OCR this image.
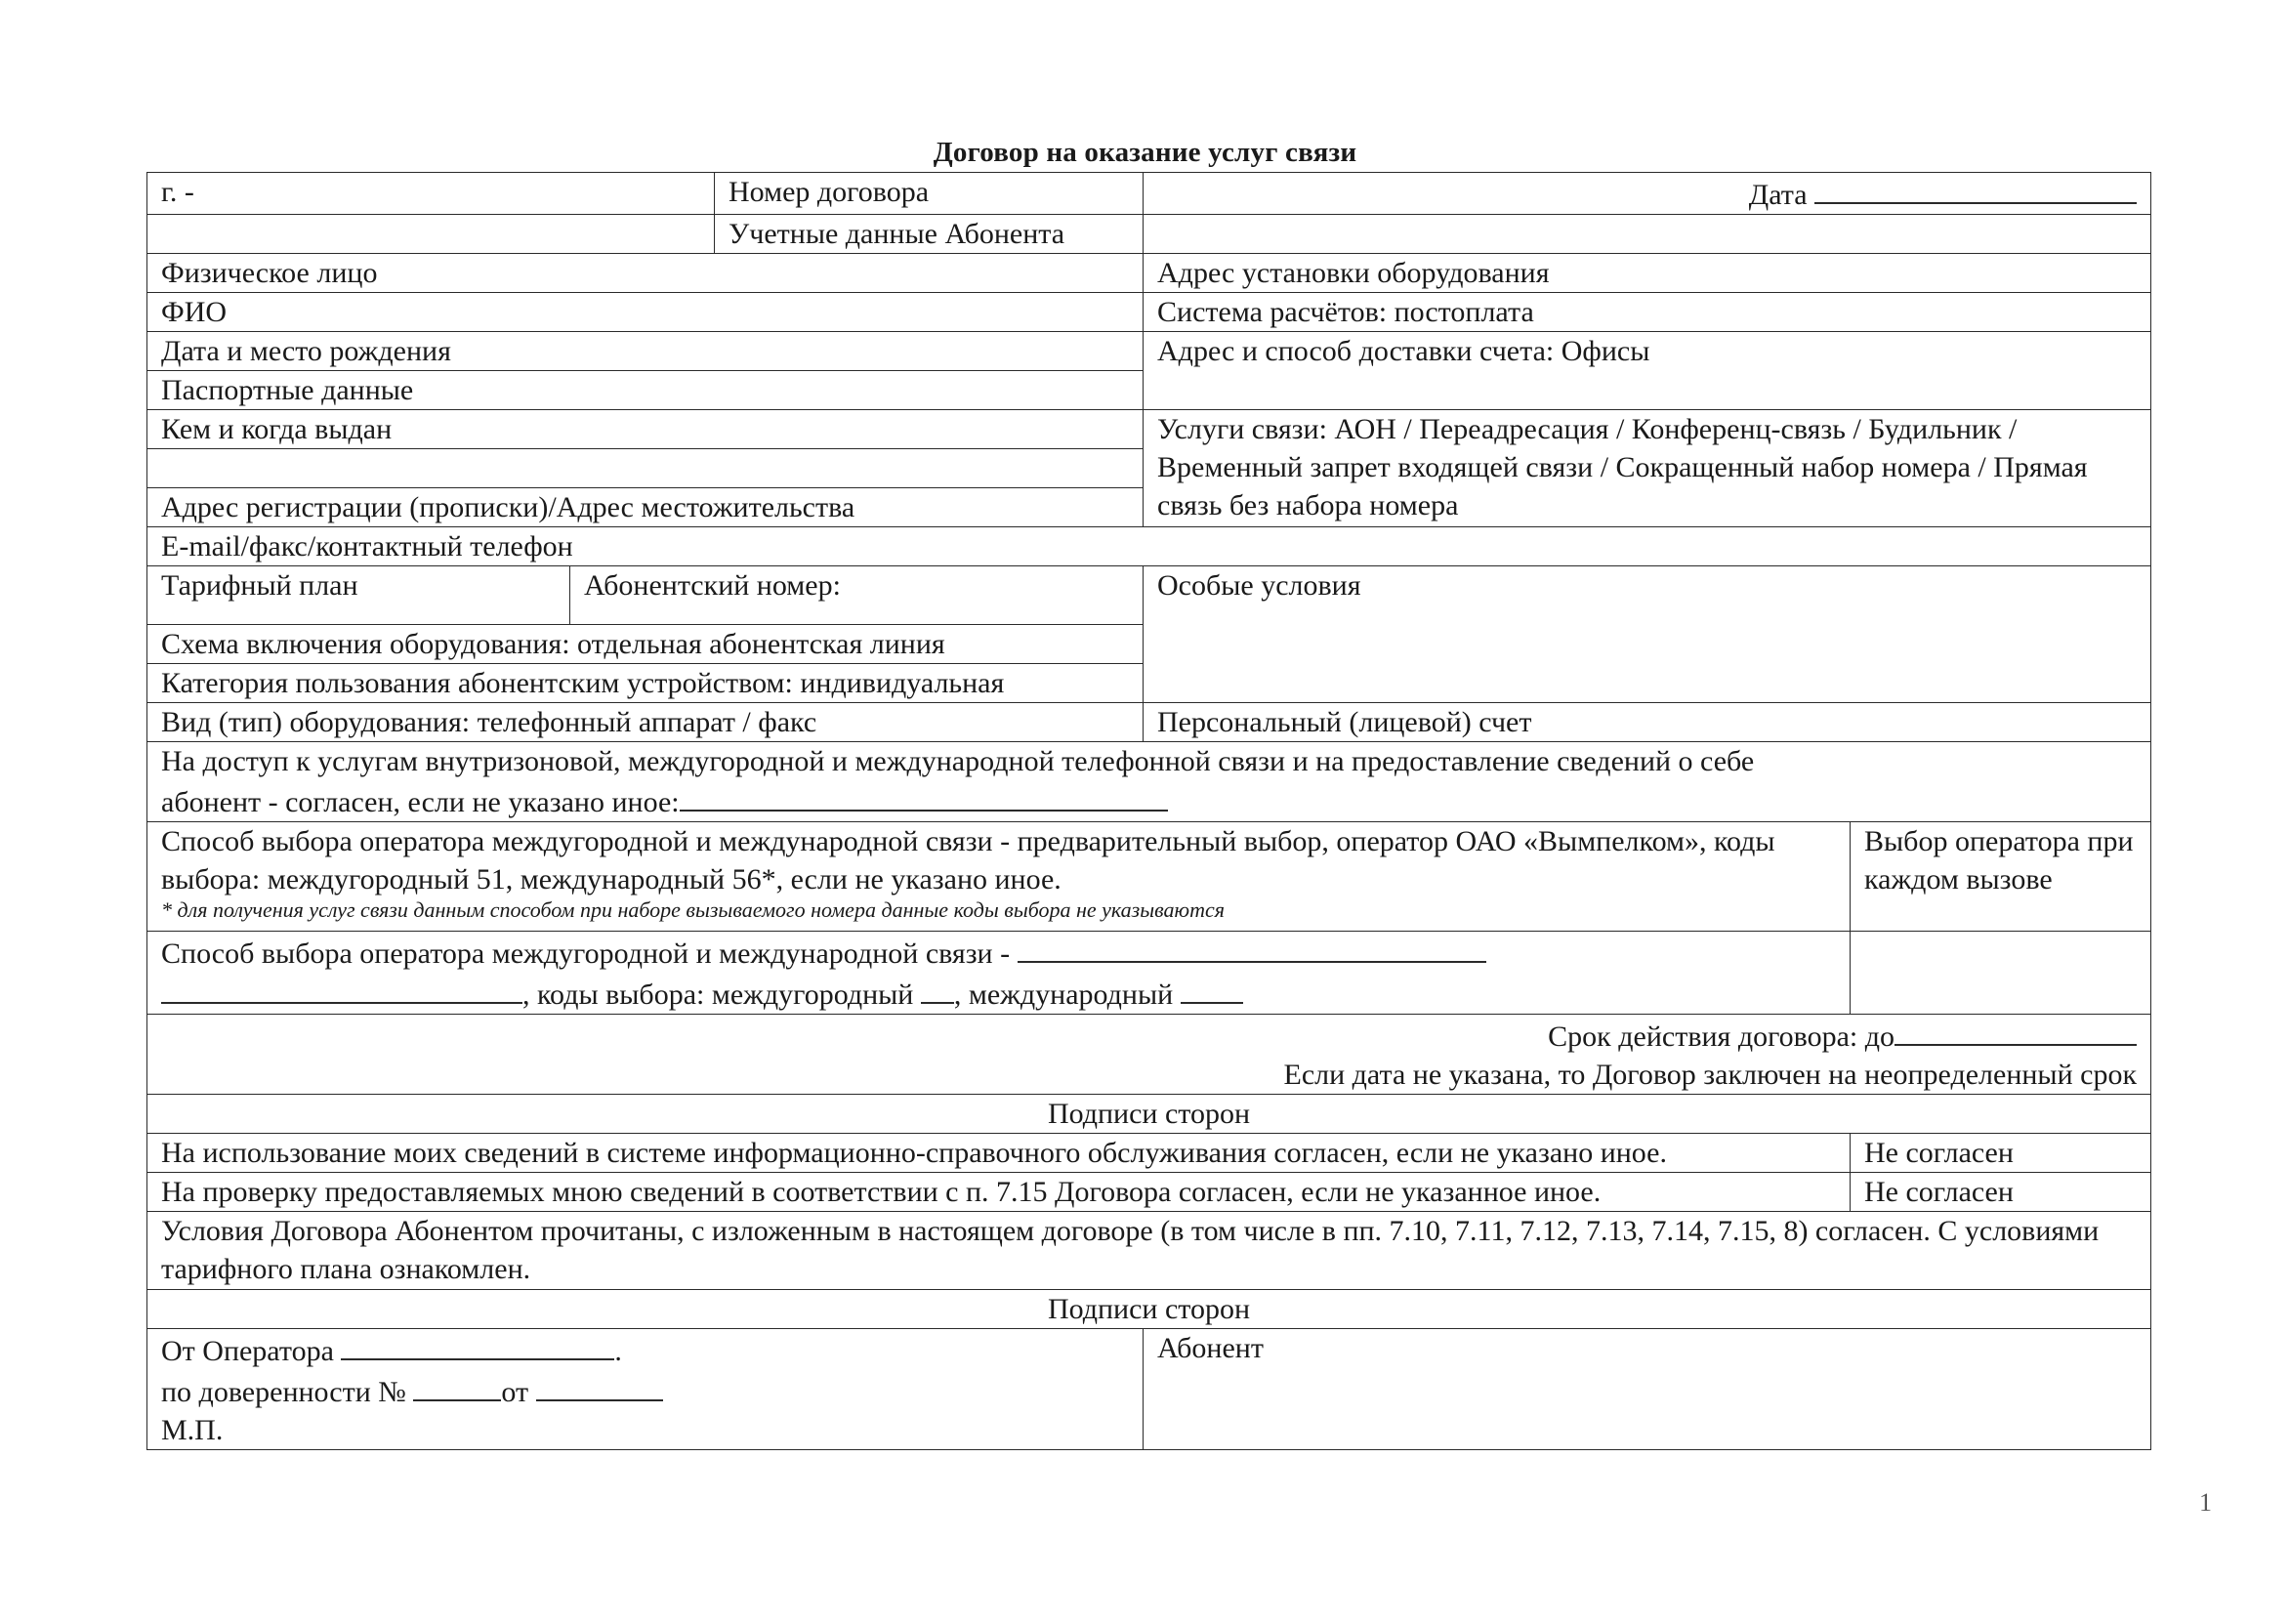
Договор на оказание услуг связи
г. -		Номер договора	Дата	
		Учетные данные Абонента		
Физическое лицо			Адрес установки оборудования	
ФИО			Система расчётов: постоплата	
Дата и место рождения			Адрес и способ доставки счета: Офисы	
Паспортные данные				
Кем и когда выдан			Услуги связи: АОН / Переадресация / Конференц-связь / Будильник / Временный запрет входящей связи / Сокращенный набор номера / Прямая связь без набора номера	

Адрес регистрации (прописки)/Адрес местожительства				
E-mail/факс/контактный телефон				
Тарифный план	Абонентский номер:		Особые условия	
Схема включения оборудования: отдельная абонентская линия				
Категория пользования абонентским устройством: индивидуальная				
Вид (тип) оборудования: телефонный аппарат / факс			Персональный (лицевой) счет	

На доступ к услугам внутризоновой, междугородной и международной телефонной связи и на предоставление сведений о себе
абонент - согласен, если не указано иное:				

Способ выбора оператора междугородной и международной связи - предварительный выбор, оператор ОАО «Вымпелком», коды выбора: междугородный 51, международный 56*, если не указано иное.
* для получения услуг связи данным способом при наборе вызываемого номера данные коды выбора не указываются				Выбор оператора при каждом вызове

Способ выбора оператора междугородной и международной связи -
, коды выбора: междугородный , международный				

Срок действия договора: до
Если дата не указана, то Договор заключен на неопределенный срок				

Подписи сторон				
На использование моих сведений в системе информационно-справочного обслуживания согласен, если не указано иное.				Не согласен
На проверку предоставляемых мною сведений в соответствии с п. 7.15 Договора согласен, если не указанное иное.				Не согласен
Условия Договора Абонентом прочитаны, с изложенным в настоящем договоре (в том числе в пп. 7.10, 7.11, 7.12, 7.13, 7.14, 7.15, 8) согласен. С условиями тарифного плана ознакомлен.				
Подписи сторон				

От Оператора .
по доверенности № от
М.П.			Абонент	
1
